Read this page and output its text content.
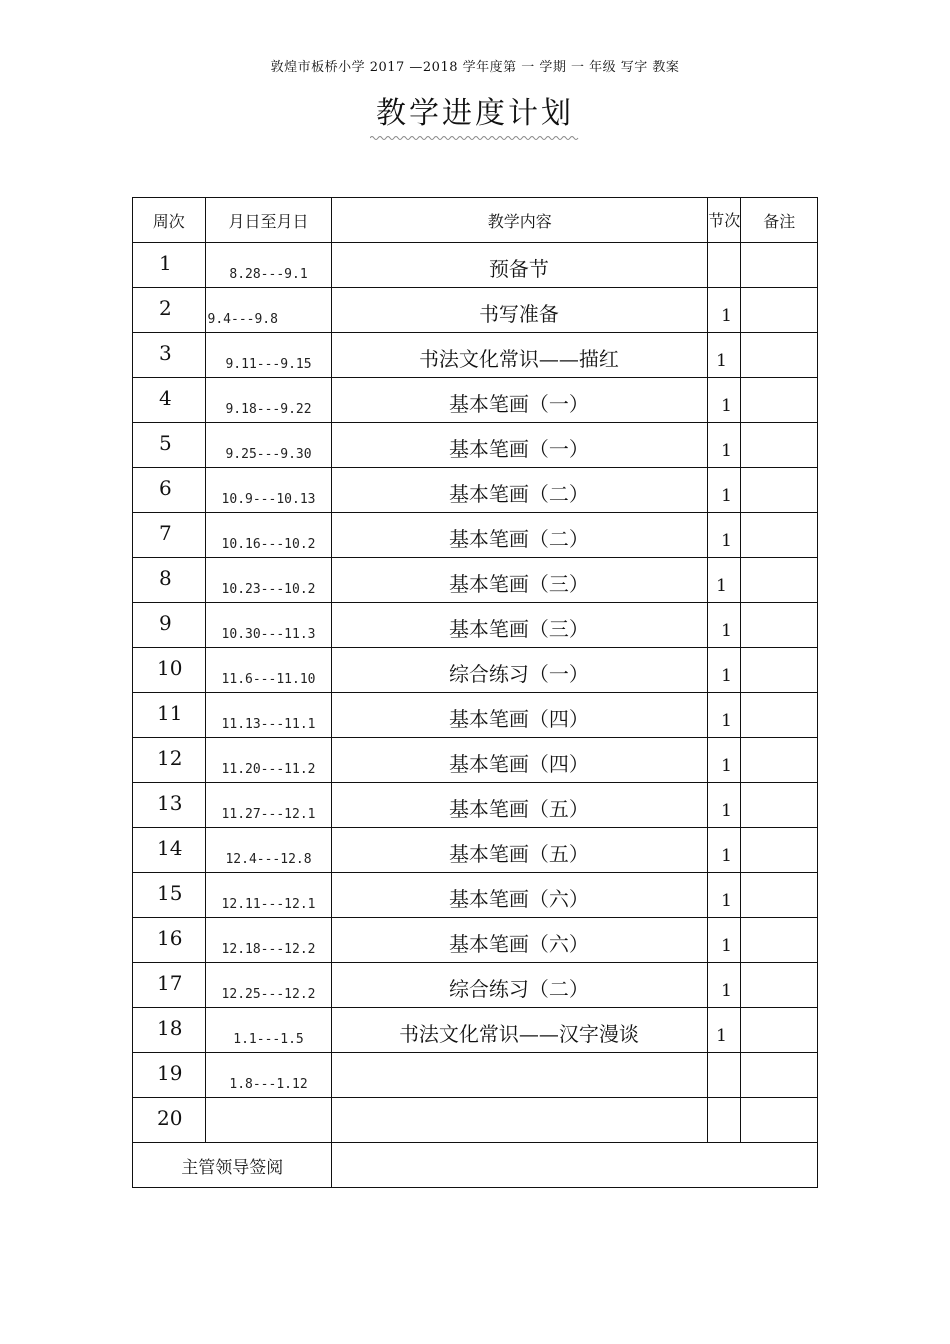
敦煌市板桥小学 2017 —2018 学年度第 一 学期 一 年级 写字 教案
教学进度计划
周次	月日至月日	教学内容	节次	备注

1	8.28---9.1	预备节		

2	9.4---9.8	书写准备	1	

3	9.11---9.15	书法文化常识——描红	1	

4	9.18---9.22	基本笔画（一）	1	

5	9.25---9.30	基本笔画（一）	1	

6	10.9---10.13	基本笔画（二）	1	

7	10.16---10.2	基本笔画（二）	1	

8	10.23---10.2	基本笔画（三）	1	

9	10.30---11.3	基本笔画（三）	1	

10	11.6---11.10	综合练习（一）	1	

11	11.13---11.1	基本笔画（四）	1	

12	11.20---11.2	基本笔画（四）	1	

13	11.27---12.1	基本笔画（五）	1	

14	12.4---12.8	基本笔画（五）	1	

15	12.11---12.1	基本笔画（六）	1	

16	12.18---12.2	基本笔画（六）	1	

17	12.25---12.2	综合练习（二）	1	

18	1.1---1.5	书法文化常识——汉字漫谈	1	

19	1.8---1.12			

20				

主管领导签阅				
